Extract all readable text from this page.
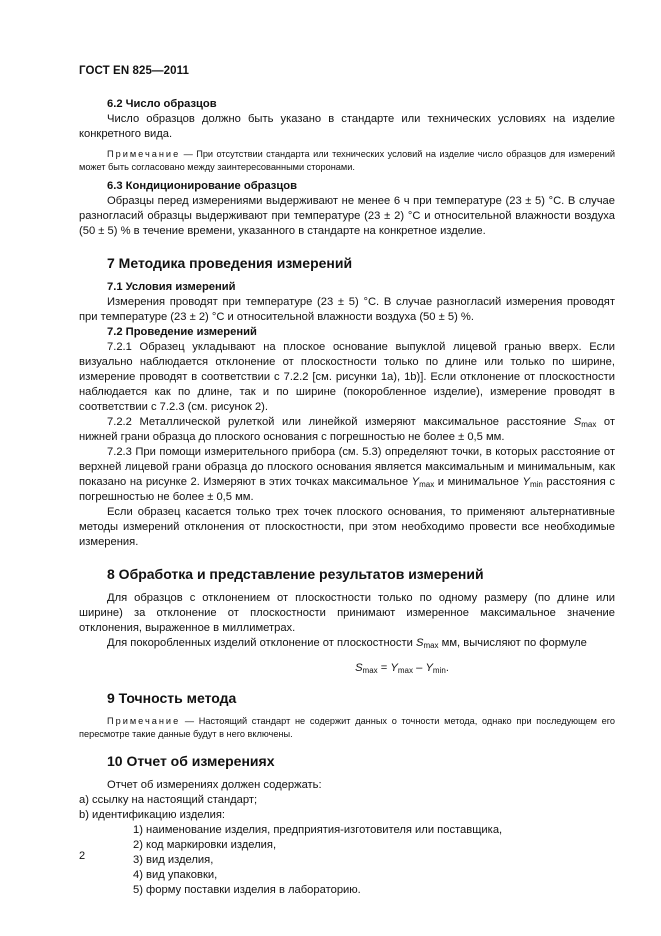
ГОСТ EN 825—2011
6.2 Число образцов

Число образцов должно быть указано в стандарте или технических условиях на изделие конкретного вида.

Примечание — При отсутствии стандарта или технических условий на изделие число образцов для измерений может быть согласовано между заинтересованными сторонами.

6.3 Кондиционирование образцов

Образцы перед измерениями выдерживают не менее 6 ч при температуре (23 ± 5) °С. В случае разногласий образцы выдерживают при температуре (23 ± 2) °С и относительной влажности воздуха (50 ± 5) % в течение времени, указанного в стандарте на конкретное изделие.

7 Методика проведения измерений
7.1 Условия измерений

Измерения проводят при температуре (23 ± 5) °С. В случае разногласий измерения проводят при температуре (23 ± 2) °С и относительной влажности воздуха (50 ± 5) %.

7.2 Проведение измерений

7.2.1 Образец укладывают на плоское основание выпуклой лицевой гранью вверх. Если визуально наблюдается отклонение от плоскостности только по длине или только по ширине, измерение проводят в соответствии с 7.2.2 [см. рисунки 1а), 1b)]. Если отклонение от плоскостности наблюдается как по длине, так и по ширине (покоробленное изделие), измерение проводят в соответствии с 7.2.3 (см. рисунок 2).

7.2.2 Металлической рулеткой или линейкой измеряют максимальное расстояние $S_{max}$ от нижней грани образца до плоского основания с погрешностью не более ± 0,5 мм.

7.2.3 При помощи измерительного прибора (см. 5.3) определяют точки, в которых расстояние от верхней лицевой грани образца до плоского основания является максимальным и минимальным, как показано на рисунке 2. Измеряют в этих точках максимальное $Y_{max}$ и минимальное $Y_{min}$ расстояния с погрешностью не более ± 0,5 мм.

Если образец касается только трех точек плоского основания, то применяют альтернативные методы измерений отклонения от плоскостности, при этом необходимо провести все необходимые измерения.

8 Обработка и представление результатов измерений

Для образцов с отклонением от плоскостности только по одному размеру (по длине или ширине) за отклонение от плоскостности принимают измеренное максимальное значение отклонения, выраженное в миллиметрах.

Для покоробленных изделий отклонение от плоскостности $S_{max}$ мм, вычисляют по формуле

$S_{max} = Y_{max} - Y_{min}$.
9 Точность метода

Примечание — Настоящий стандарт не содержит данных о точности метода, однако при последующем его пересмотре такие данные будут в него включены.

10 Отчет об измерениях
Отчет об измерениях должен содержать:
а) ссылку на настоящий стандарт;
b) идентификацию изделия:
1) наименование изделия, предприятия-изготовителя или поставщика,
2) код маркировки изделия,
3) вид изделия,
4) вид упаковки,
5) форму поставки изделия в лабораторию.
2
